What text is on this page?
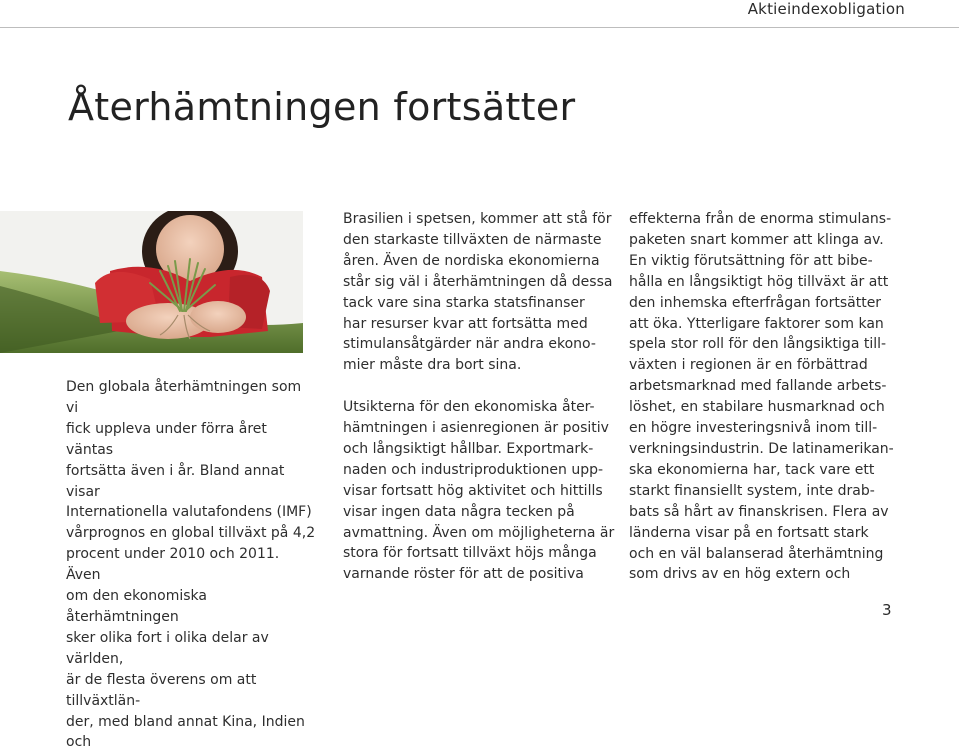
Aktieindexobligation
Återhämtningen fortsätter

Den globala återhämtningen som vi
fick uppleva under förra året väntas
fortsätta även i år. Bland annat visar
Internationella valutafondens (IMF)
vårprognos en global tillväxt på 4,2
procent under 2010 och 2011. Även
om den ekonomiska återhämtningen
sker olika fort i olika delar av världen,
är de flesta överens om att tillväxtlän-
der, med bland annat Kina, Indien och

Brasilien i spetsen, kommer att stå för
den starkaste tillväxten de närmaste
åren. Även de nordiska ekonomierna
står sig väl i återhämtningen då dessa
tack vare sina starka statsfinanser
har resurser kvar att fortsätta med
stimulansåtgärder när andra ekono-
mier måste dra bort sina.

Utsikterna för den ekonomiska åter-
hämtningen i asienregionen är positiv
och långsiktigt hållbar. Exportmark-
naden och industriproduktionen upp-
visar fortsatt hög aktivitet och hittills
visar ingen data några tecken på
avmattning. Även om möjligheterna är
stora för fortsatt tillväxt höjs många
varnande röster för att de positiva

effekterna från de enorma stimulans-
paketen snart kommer att klinga av.
En viktig förutsättning för att bibe-
hålla en långsiktigt hög tillväxt är att
den inhemska efterfrågan fortsätter
att öka. Ytterligare faktorer som kan
spela stor roll för den långsiktiga till-
växten i regionen är en förbättrad
arbetsmarknad med fallande arbets-
löshet, en stabilare husmarknad och
en högre investeringsnivå inom till-
verkningsindustrin. De latinamerikan-
ska ekonomierna har, tack vare ett
starkt finansiellt system, inte drab-
bats så hårt av finanskrisen. Flera av
länderna visar på en fortsatt stark
och en väl balanserad återhämtning
som drivs av en hög extern och

3
